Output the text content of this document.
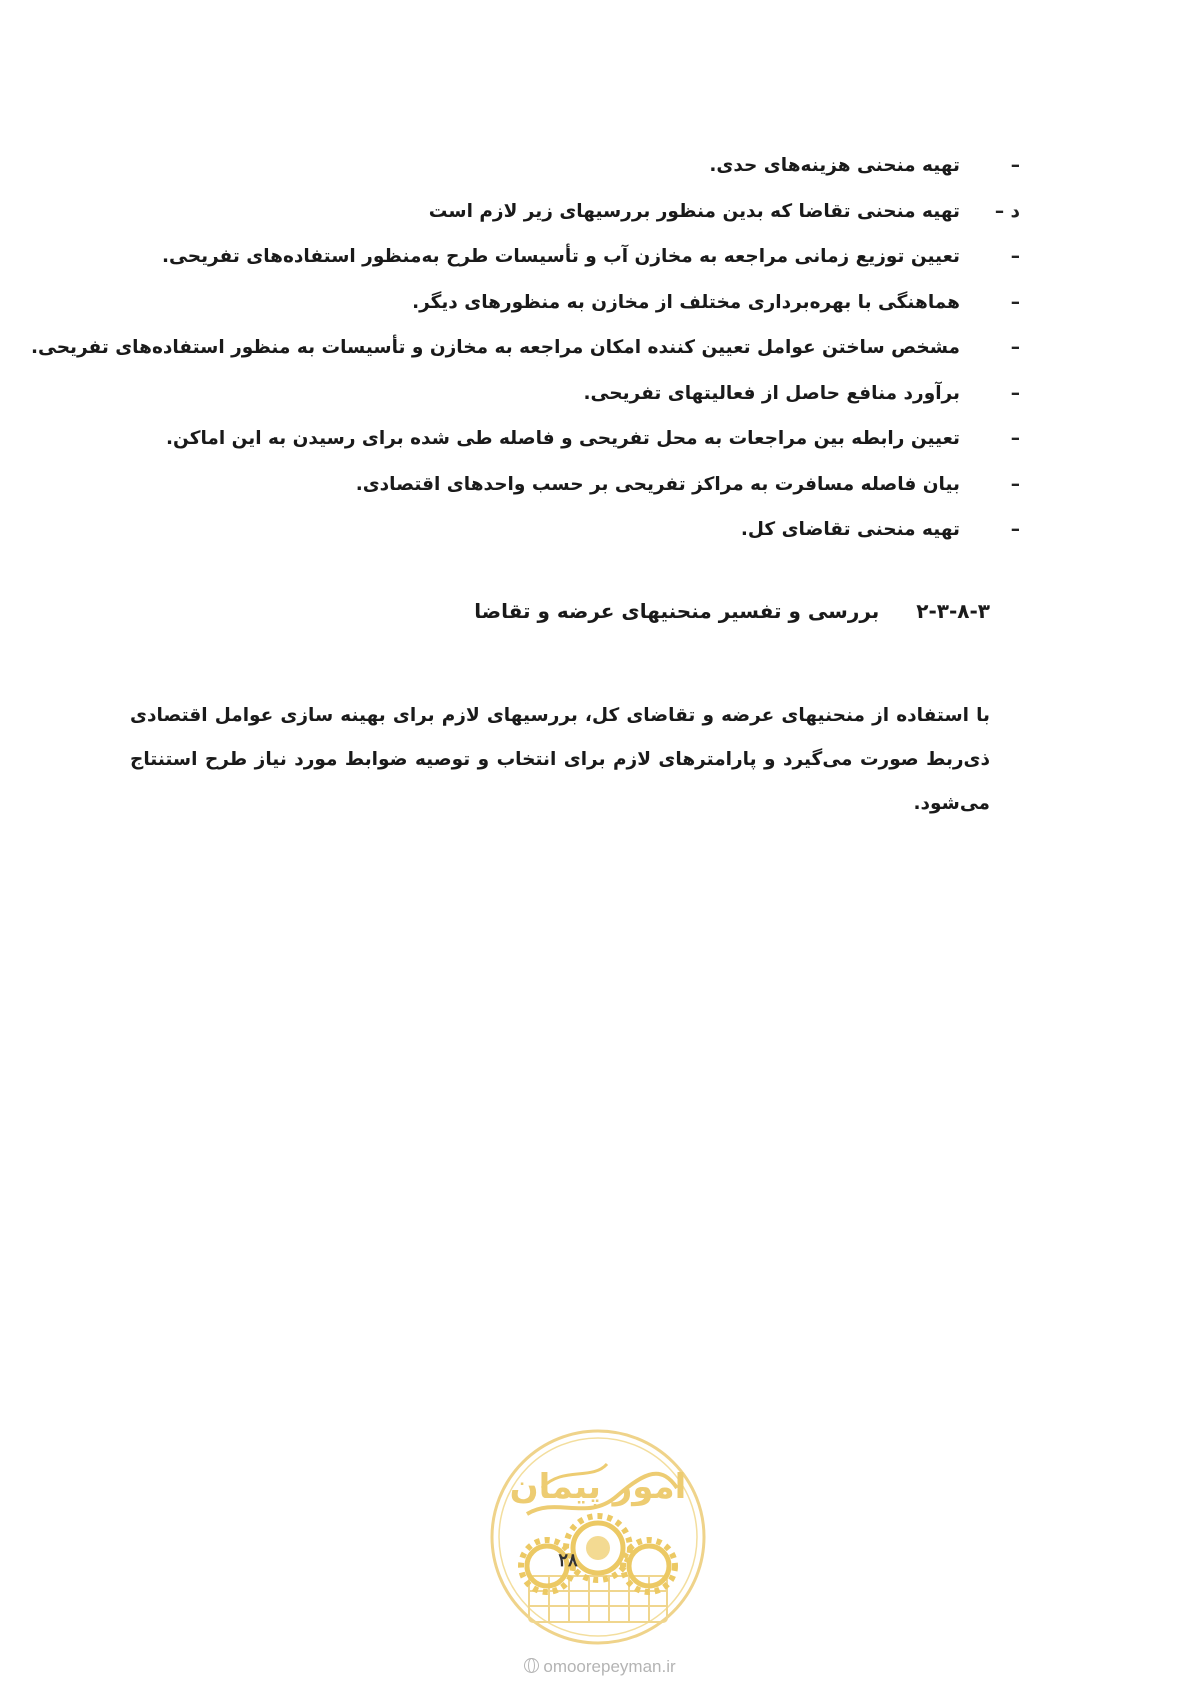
–
تهیه منحنی هزینه‌های حدی.
د –
تهیه منحنی تقاضا که بدین منظور بررسیهای زیر لازم است
–
تعیین توزیع زمانی مراجعه به مخازن آب و تأسیسات طرح به‌منظور استفاده‌های تفریحی.
–
هماهنگی با بهره‌برداری مختلف از مخازن به منظورهای دیگر.
–
مشخص ساختن عوامل تعیین کننده امکان مراجعه به مخازن و تأسیسات به منظور استفاده‌های تفریحی.
–
برآورد منافع حاصل از فعالیتهای تفریحی.
–
تعیین رابطه بین مراجعات به محل تفریحی و فاصله طی شده برای رسیدن به این اماکن.
–
بیان فاصله مسافرت به مراکز تفریحی بر حسب واحدهای اقتصادی.
–
تهیه منحنی تقاضای کل.
۲-۳-۸-۳ بررسی و تفسیر منحنیهای عرضه و تقاضا
با استفاده از منحنیهای عرضه و تقاضای کل، بررسیهای لازم برای بهینه سازی عوامل اقتصادی ذی‌ربط صورت می‌گیرد و پارامترهای لازم برای انتخاب و توصیه ضوابط مورد نیاز طرح استنتاج می‌شود.
امور پیمان
۲۸
omoorepeyman.ir
